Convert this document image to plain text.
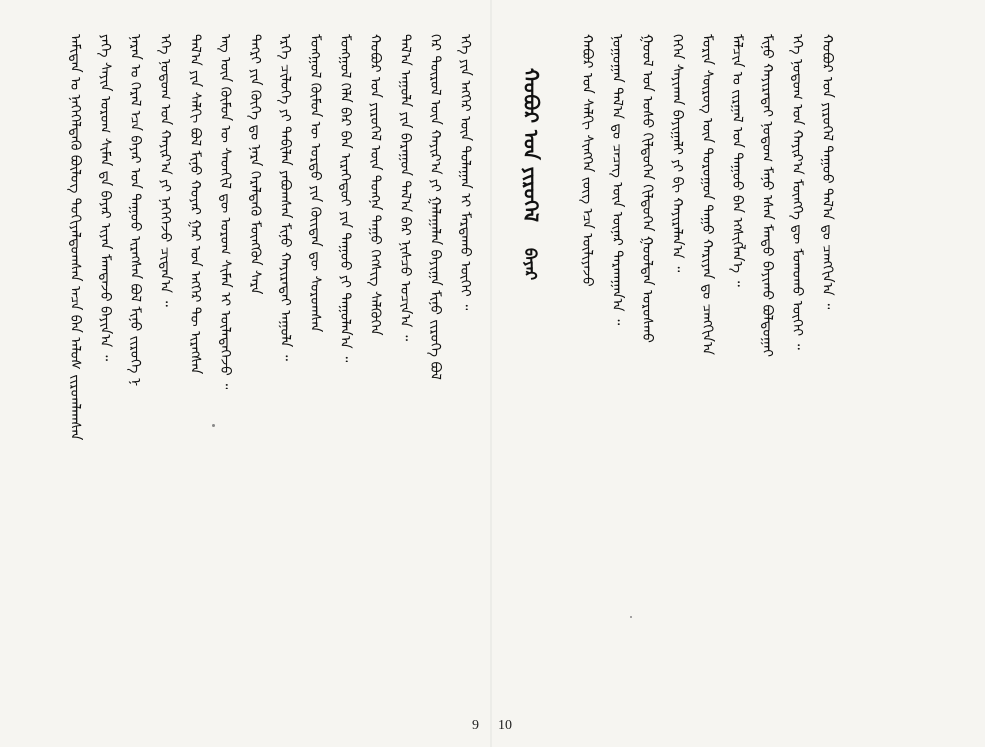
ᠠᠮᠢᠲᠠᠨ ᠤ ᠨᠡᠭᠡᠭᠡᠯᠳᠡᠬᠦ ᠪᠦᠯᠦᠭ ᠲᠣᠬᠢᠶᠠᠯᠳᠤᠭᠰᠠᠨ ᠠᠴᠠ ᠪᠡᠨ ᠠᠯᠤᠰ ᠵᠢᠷᠤᠭᠯᠠᠭᠰᠠᠨ ᠶᠡᠬᠡ ᠰᠠᠶᠢᠨ ᠤᠷᠤᠭ ᠰᠢᠮᠡᠨ ᠳᠡ ᠪᠠᠶᠠᠷ ᠢᠶᠠᠨ ᠮᠠᠭᠲᠠᠵᠤ ᠪᠠᠶᠢᠨ᠎ᠠ ᠃ ᠨᠠᠷᠠᠨ ᠤ ᠭᠡᠷᠡᠯ ᠡᠴᠡ ᠪᠠᠶᠠᠷ ᠤᠨ ᠳᠠᠭᠤᠤ ᠢᠷᠡᠭᠰᠡᠨ ᠪᠣᠯ ᠮᠢᠨᠤ ᠵᠢᠷᠦᠬᠡ ᠨ ᠡᠬᠡ ᠨᠤᠲᠤᠭ ᠤᠨ ᠬᠠᠶᠢᠷ᠎ᠠ ᠶᠢ ᠨᠡᠭᠡᠭᠡᠵᠦ ᠴᠢᠳᠠᠨ᠎ᠠ ᠃ ᠲᠠᠯ᠎ᠠ ᠶᠢᠨ ᠰᠠᠯᠬᠢ ᠪᠣᠯ ᠮᠢᠨᠤ ᠬᠣᠶᠠᠷ ᠭᠠᠷ ᠤᠨ ᠡᠩᠭᠡᠷ ᠲᠦ ᠢᠷᠡᠭᠰᠡᠨ ᠡᠩ ᠦᠨ ᠬᠦᠮᠦᠨ ᠦ ᠰᠡᠳᠬᠢᠯ ᠳᠦ ᠤᠷᠤᠭ ᠰᠢᠮᠡᠨ ᠢ ᠦᠯᠡᠳᠡᠭᠡᠵᠦ ᠃ ᠲᠡᠭᠷᠢ ᠶᠢᠨ ᠬᠥᠬᠡ ᠳᠤ ᠨᠠᠷᠠ ᠭᠡᠷᠡᠯᠲᠡᠭᠦ ᠮᠥᠩᠭᠦᠨ ᠰᠠᠷᠠ ᠡᠷᠬᠡ ᠴᠢᠯᠦᠭᠡ ᠶᠢ ᠲᠠᠪᠢᠯᠠᠨ ᠶᠠᠪᠤᠭᠰᠠᠨ ᠮᠢᠨᠤ ᠬᠠᠶᠢᠷᠠᠲᠠᠢ ᠠᠭᠤᠯᠠ ᠃ ᠮᠣᠩᠭᠣᠯ ᠬᠦᠮᠦᠨ ᠦ ᠣᠷᠳᠤ ᠶᠢᠨ ᠬᠦᠢᠲᠡᠨ ᠳᠦ ᠰᠤᠷᠤᠭᠰᠠᠨ ᠮᠣᠩᠭᠣᠯ ᠬᠡᠯᠡ ᠪᠡᠷ ᠪᠠᠨ ᠢᠷᠡᠭᠡᠳᠦᠢ ᠶᠢᠨ ᠳᠠᠭᠤᠤ ᠶᠢ ᠳᠠᠭᠤᠯᠠᠨ᠎ᠠ ᠃ ᠬᠣᠪᠣᠷ ᠤᠨ ᠶᠢᠷᠦᠭᠡᠯ ᠦᠨ ᠳᠤᠩᠨᠠ ᠳᠠᠭᠤ ᠬᠡᠭᠰᠢᠭ ᠰᠡᠯᠭᠦᠭᠡᠨ ᠲᠠᠯ᠎ᠠ ᠠᠭᠤᠯᠠ ᠶᠢᠨ ᠪᠠᠷᠠᠭᠤᠨ ᠲᠠᠯ᠎ᠠ ᠪᠠᠷ ᠨᠢᠰᠴᠦ ᠣᠴᠢᠨ᠎ᠠ ᠃ ᠭᠡᠷ ᠲᠦᠷᠦᠯ ᠦᠨ ᠬᠠᠶᠢᠷ᠎ᠠ ᠶᠢ ᠭᠠᠯᠠᠭᠠᠯᠠᠨ ᠪᠠᠶᠢᠭᠠ ᠮᠢᠨᠤ ᠵᠢᠷᠦᠬᠡ ᠪᠣᠯ ᠡᠬᠡ ᠶᠢᠨ ᠡᠩᠭᠡᠷ ᠦᠨ ᠳᠤᠯᠠᠭᠠᠨ ᠢ ᠮᠠᠷᠲᠠᠬᠤ ᠦᠭᠡᠢ ᠃
9
ᠬᠣᠪᠣᠷ ᠤᠨ ᠶᠢᠷᠦᠭᠡᠯ
ᠪᠠᠶᠠᠷ	ᠬᠠᠪᠤᠷ ᠤᠨ ᠰᠠᠯᠬᠢ ᠰᠢᠩᠭᠡᠨ ᠵᠦᠭ ᠡᠴᠡ ᠦᠯᠢᠶᠡᠵᠦ ᠨᠣᠭᠣᠭᠠᠨ ᠲᠠᠯ᠎ᠠ ᠳᠤ ᠴᠡᠴᠡᠭ ᠦᠨ ᠦᠨᠡᠷ ᠲᠠᠷᠬᠠᠭᠠᠨ᠎ᠠ ᠃ ᠭᠣᠣᠯ ᠤᠨ ᠤᠰᠤ ᠭᠢᠯᠲᠦᠭᠡᠨ ᠭᠢᠯᠲᠦᠭᠡᠨ ᠭᠣᠣᠯᠳᠠᠨ ᠤᠷᠤᠰᠬᠤ ᠭᠡᠭᠡᠨ ᠰᠠᠶᠢᠬᠠᠨ ᠪᠠᠶᠢᠭᠠᠯᠢ ᠶᠢ ᠪᠢ ᠬᠠᠶᠢᠷᠠᠯᠠᠨ᠎ᠠ ᠃ ᠮᠣᠷᠢᠨ ᠰᠦᠷᠦᠭ ᠦᠨ ᠲᠤᠷᠤᠭᠤᠨ ᠳᠠᠭᠤ ᠬᠠᠷᠢᠶᠠᠨ ᠳᠤ ᠴᠠᠩᠭᠢᠨ᠎ᠠ ᠮᠠᠯᠴᠢᠨ ᠤ ᠵᠢᠷᠭᠠᠯ ᠤᠨ ᠳᠠᠭᠤᠤ ᠪᠠᠨ ᠡᠭᠰᠢᠭᠯᠡᠨ᠎ᠡ ᠃ ᠮᠢᠨᠤ ᠬᠠᠶᠢᠷᠠᠲᠠᠢ ᠨᠤᠲᠤᠭ ᠮᠠᠨᠤ ᠡᠰᠡᠨ ᠮᠡᠨᠳᠦ ᠪᠠᠶᠢᠬᠤ ᠪᠣᠯᠲᠤᠭᠠᠢ ᠡᠬᠡ ᠨᠤᠲᠤᠭ ᠤᠨ ᠬᠠᠶᠢᠷ᠎ᠠ ᠮᠥᠩᠬᠡ ᠳᠦ ᠮᠣᠬᠣᠬᠤ ᠦᠭᠡᠢ ᠃ ᠬᠣᠪᠣᠷ ᠤᠨ ᠶᠢᠷᠦᠭᠡᠯ ᠳᠠᠭᠤᠤ ᠲᠠᠯ᠎ᠠ ᠳᠤ ᠴᠠᠩᠭᠢᠨ᠎ᠠ ᠃
10
